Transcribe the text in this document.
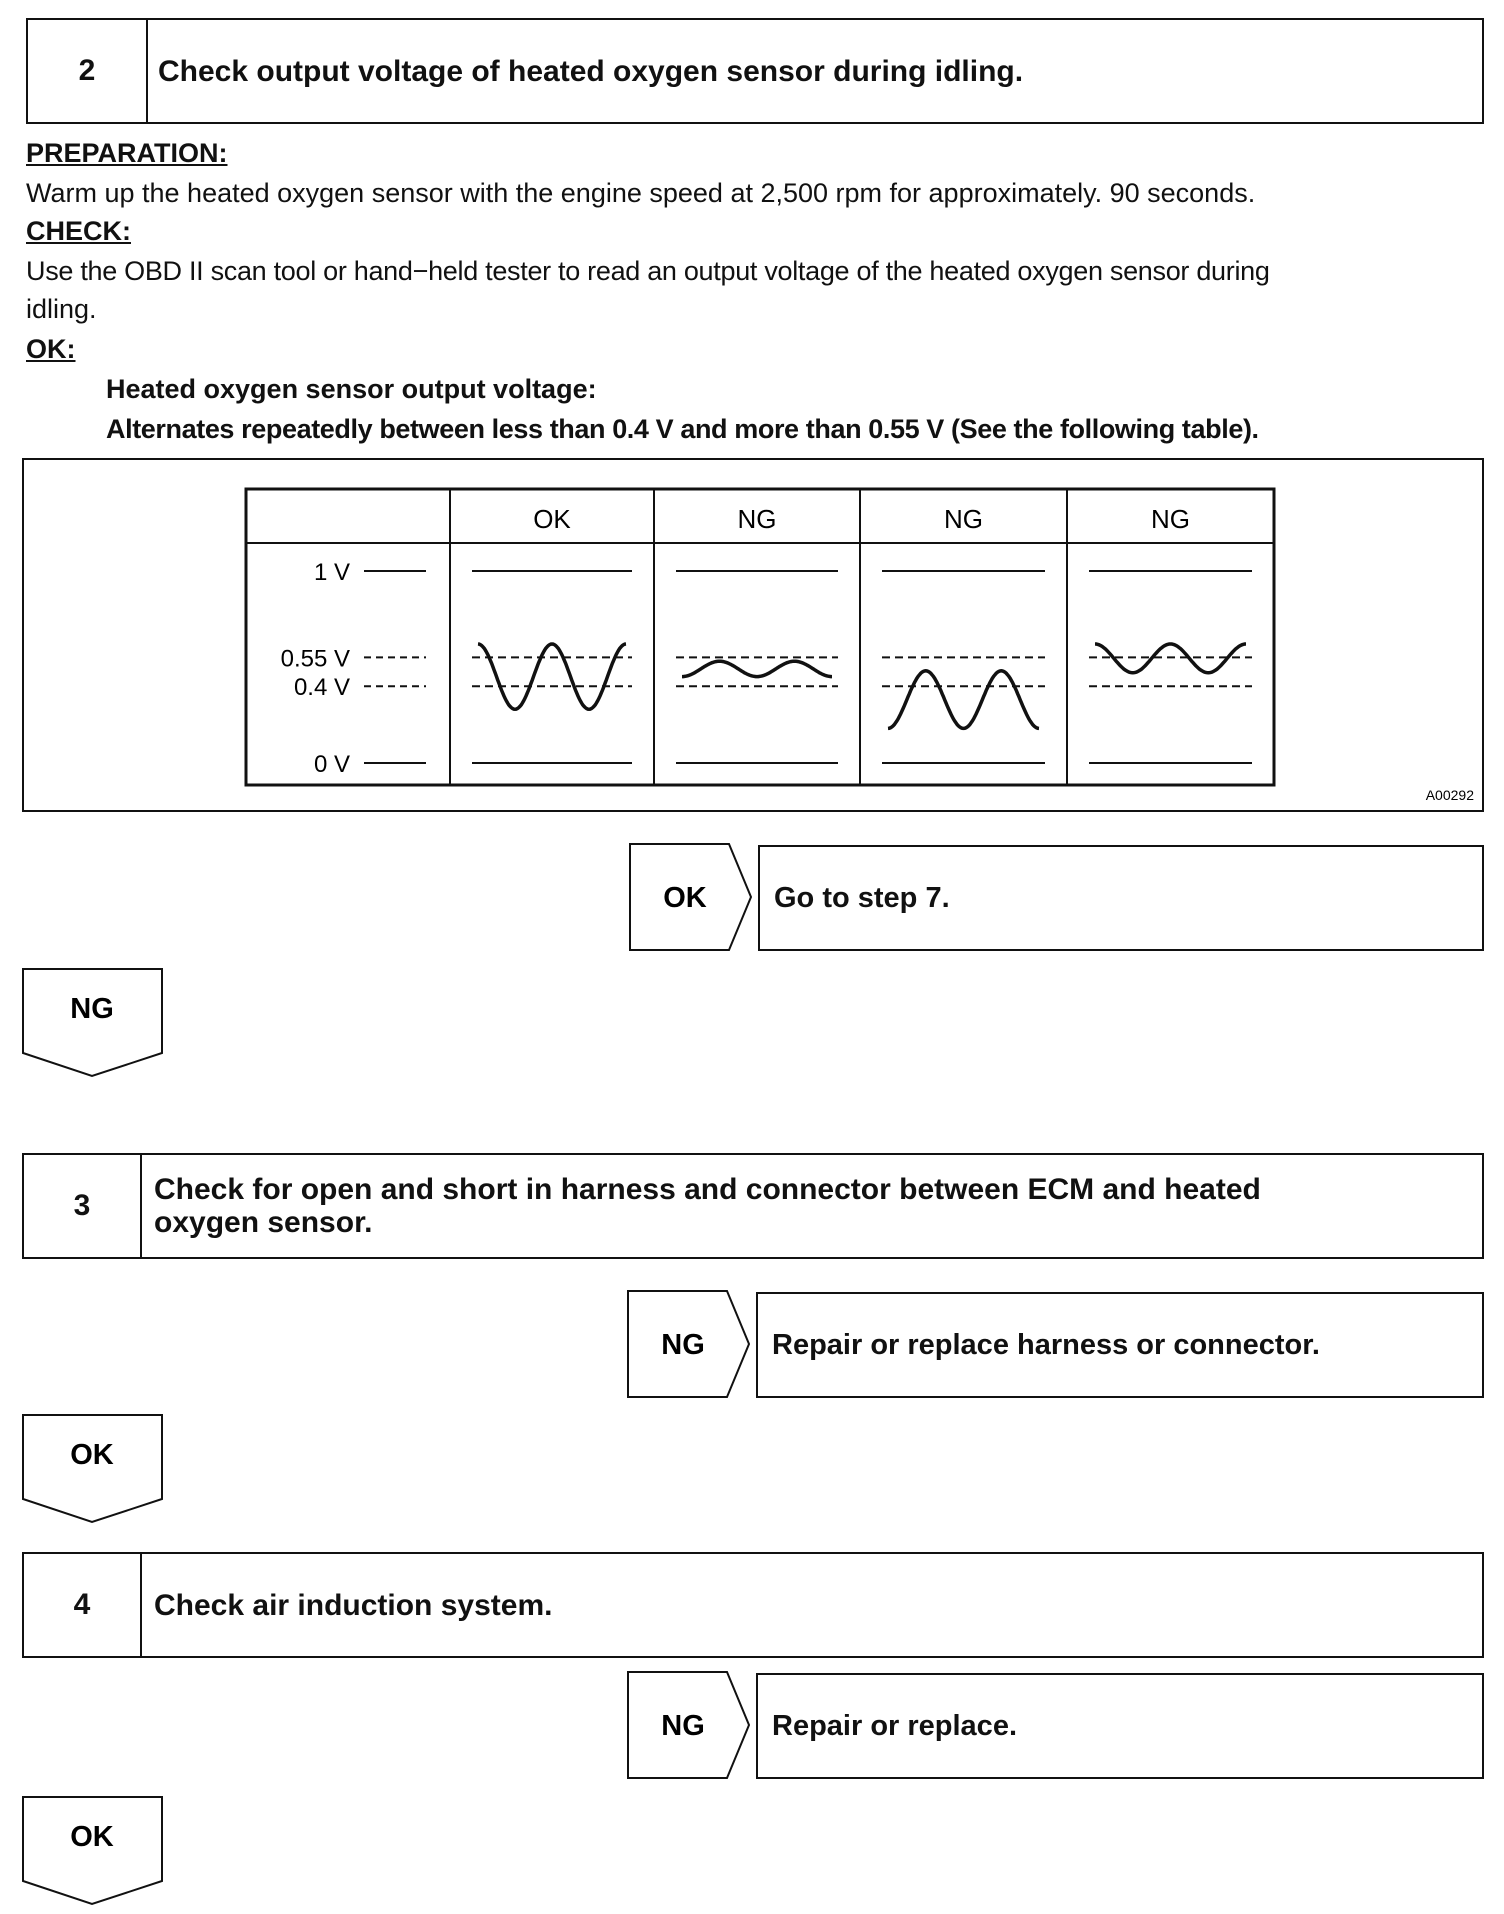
2	Check output voltage of heated oxygen sensor during idling.
PREPARATION:
Warm up the heated oxygen sensor with the engine speed at 2,500 rpm for approximately. 90 seconds.
CHECK:
Use the OBD II scan tool or hand−held tester to read an output voltage of the heated oxygen sensor during
idling.
OK:
Heated oxygen sensor output voltage:
Alternates repeatedly between less than 0.4 V and more than 0.55 V (See the following table).
OK	NG	NG	NG
1 V
0.55 V
0.4 V
0 V
A00292
OK Go to step 7.
NG
3	Check for open and short in harness and connector between ECM and heated
oxygen sensor.
NG Repair or replace harness or connector.
OK
4	Check air induction system.
NG Repair or replace.
OK
